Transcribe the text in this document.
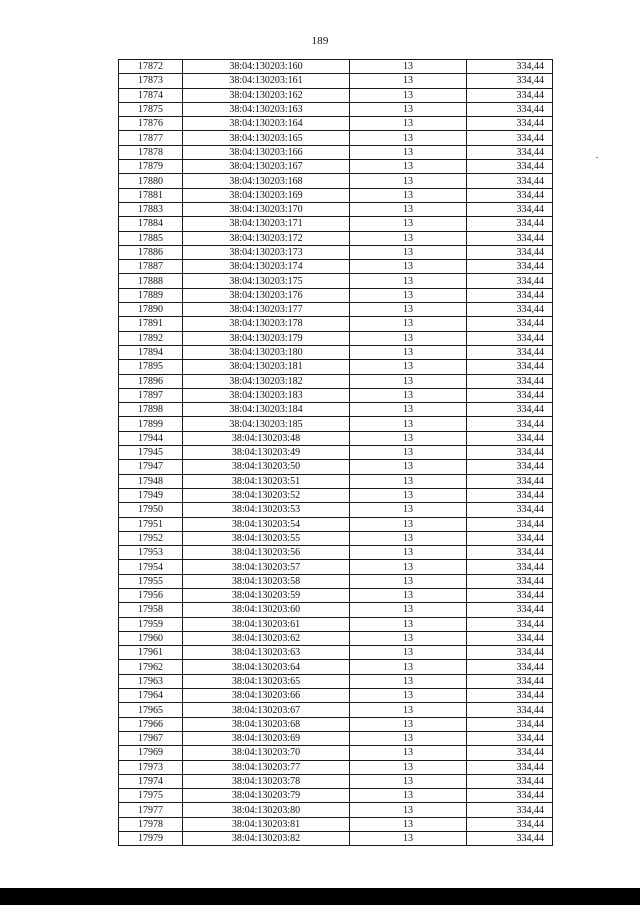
189
17872	38:04:130203:160	13	334,44
17873	38:04:130203:161	13	334,44
17874	38:04:130203:162	13	334,44
17875	38:04:130203:163	13	334,44
17876	38:04:130203:164	13	334,44
17877	38:04:130203:165	13	334,44
17878	38:04:130203:166	13	334,44
17879	38:04:130203:167	13	334,44
17880	38:04:130203:168	13	334,44
17881	38:04:130203:169	13	334,44
17883	38:04:130203:170	13	334,44
17884	38:04:130203:171	13	334,44
17885	38:04:130203:172	13	334,44
17886	38:04:130203:173	13	334,44
17887	38:04:130203:174	13	334,44
17888	38:04:130203:175	13	334,44
17889	38:04:130203:176	13	334,44
17890	38:04:130203:177	13	334,44
17891	38:04:130203:178	13	334,44
17892	38:04:130203:179	13	334,44
17894	38:04:130203:180	13	334,44
17895	38:04:130203:181	13	334,44
17896	38:04:130203:182	13	334,44
17897	38:04:130203:183	13	334,44
17898	38:04:130203:184	13	334,44
17899	38:04:130203:185	13	334,44
17944	38:04:130203:48	13	334,44
17945	38:04:130203:49	13	334,44
17947	38:04:130203:50	13	334,44
17948	38:04:130203:51	13	334,44
17949	38:04:130203:52	13	334,44
17950	38:04:130203:53	13	334,44
17951	38:04:130203:54	13	334,44
17952	38:04:130203:55	13	334,44
17953	38:04:130203:56	13	334,44
17954	38:04:130203:57	13	334,44
17955	38:04:130203:58	13	334,44
17956	38:04:130203:59	13	334,44
17958	38:04:130203:60	13	334,44
17959	38:04:130203:61	13	334,44
17960	38:04:130203:62	13	334,44
17961	38:04:130203:63	13	334,44
17962	38:04:130203:64	13	334,44
17963	38:04:130203:65	13	334,44
17964	38:04:130203:66	13	334,44
17965	38:04:130203:67	13	334,44
17966	38:04:130203:68	13	334,44
17967	38:04:130203:69	13	334,44
17969	38:04:130203:70	13	334,44
17973	38:04:130203:77	13	334,44
17974	38:04:130203:78	13	334,44
17975	38:04:130203:79	13	334,44
17977	38:04:130203:80	13	334,44
17978	38:04:130203:81	13	334,44
17979	38:04:130203:82	13	334,44
